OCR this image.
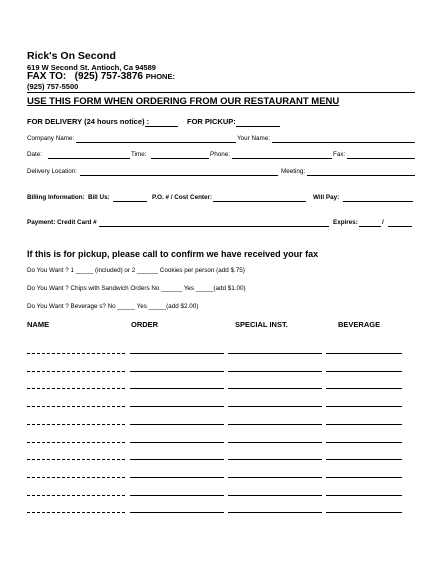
Rick's On Second
619 W Second St. Antioch, Ca 94589
FAX TO: (925) 757-3876 PHONE:
(925) 757-5500
USE THIS FORM WHEN ORDERING FROM OUR RESTAURANT MENU
FOR DELIVERY (24 hours notice) :	FOR PICKUP:
Company Name:	Your Name:
Date:	Time:	Phone:	Fax:
Delivery Location:	Meeting:
Billing Information: Bill Us:	P.O. # / Cost Center:	Will Pay:
Payment: Credit Card #	Expires:	/
If this is for pickup, please call to confirm we have received your fax
Do You Want ? 1 _____ (included) or 2 ______ Cookies per person (add $.75)
Do You Want ? Chips with Sandwich Orders No ______ Yes _____(add $1.00)
Do You Want ? Beverage s? No _____ Yes _____(add $2.00)
NAME	ORDER	SPECIAL INST.	BEVERAGE
